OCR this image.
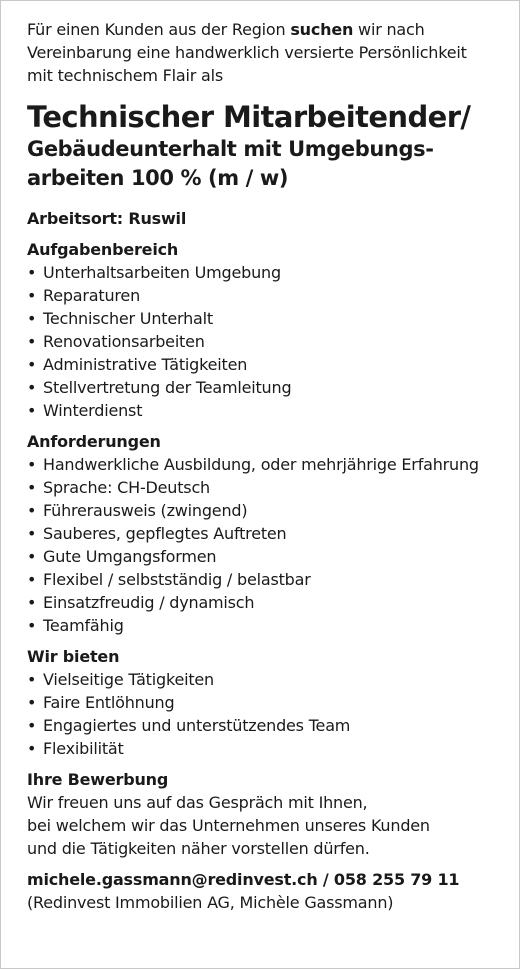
Für einen Kunden aus der Region suchen wir nach Vereinbarung eine handwerklich versierte Persönlichkeit mit technischem Flair als

Technischer Mitarbeitender/
Gebäudeunterhalt mit Umgebungs-
arbeiten 100 % (m / w)
Arbeitsort: Ruswil
Aufgabenbereich
• Unterhaltsarbeiten Umgebung
• Reparaturen
• Technischer Unterhalt
• Renovationsarbeiten
• Administrative Tätigkeiten
• Stellvertretung der Teamleitung
• Winterdienst
Anforderungen
• Handwerkliche Ausbildung, oder mehrjährige Erfahrung
• Sprache: CH-Deutsch
• Führerausweis (zwingend)
• Sauberes, gepflegtes Auftreten
• Gute Umgangsformen
• Flexibel / selbstständig / belastbar
• Einsatzfreudig / dynamisch
• Teamfähig
Wir bieten
• Vielseitige Tätigkeiten
• Faire Entlöhnung
• Engagiertes und unterstützendes Team
• Flexibilität
Ihre Bewerbung

Wir freuen uns auf das Gespräch mit Ihnen,
bei welchem wir das Unternehmen unseres Kunden
und die Tätigkeiten näher vorstellen dürfen.

michele.gassmann@redinvest.ch / 058 255 79 11
(Redinvest Immobilien AG, Michèle Gassmann)
